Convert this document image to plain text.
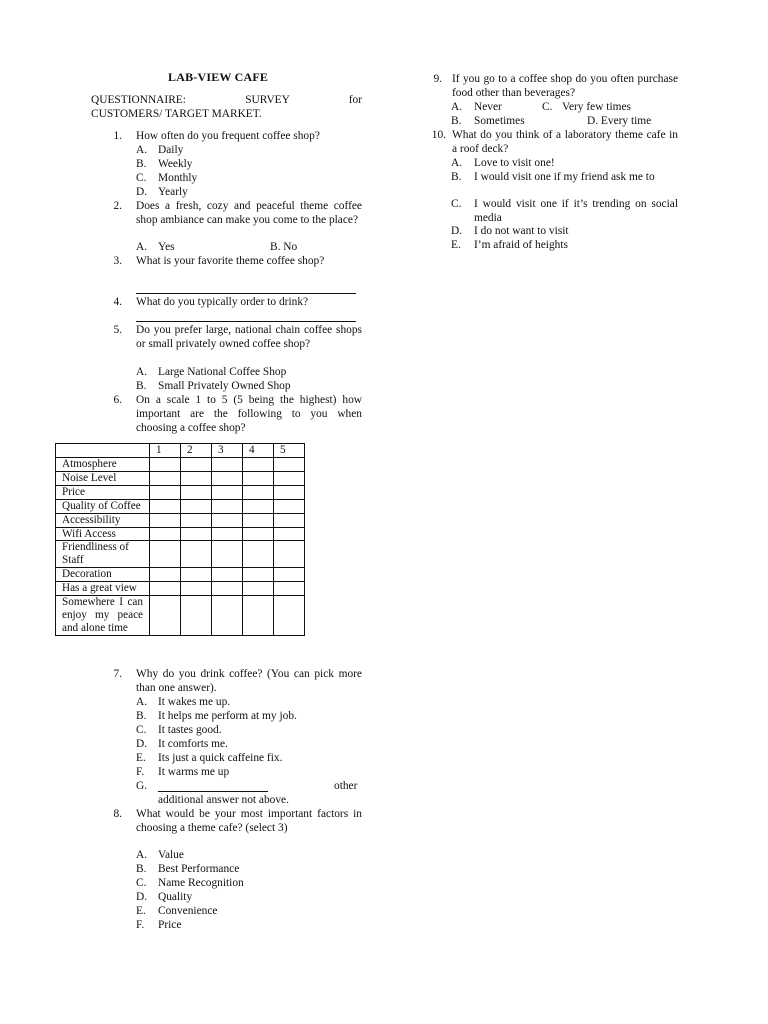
LAB-VIEW CAFE
QUESTIONNAIRE: SURVEY for
CUSTOMERS/ TARGET MARKET.
1. How often do you frequent coffee shop?
A. Daily
B. Weekly
C. Monthly
D. Yearly
2. Does a fresh, cozy and peaceful theme coffee shop ambiance can make you come to the place?
A. Yes	B. No
3. What is your favorite theme coffee shop?
4. What do you typically order to drink?
5. Do you prefer large, national chain coffee shops or small privately owned coffee shop?
A. Large National Coffee Shop
B. Small Privately Owned Shop
6. On a scale 1 to 5 (5 being the highest) how important are the following to you when choosing a coffee shop?
	1	2	3	4	5
Atmosphere					
Noise Level					
Price					
Quality of Coffee					
Accessibility					
Wifi Access					
Friendliness of Staff					
Decoration					
Has a great view					
Somewhere I can enjoy my peace and alone time					
7. Why do you drink coffee? (You can pick more than one answer).
A. It wakes me up.
B. It helps me perform at my job.
C. It tastes good.
D. It comforts me.
E. Its just a quick caffeine fix.
F. It warms me up
G.	other
additional answer not above.
8. What would be your most important factors in choosing a theme cafe? (select 3)
A. Value
B. Best Performance
C. Name Recognition
D. Quality
E. Convenience
F. Price
9. If you go to a coffee shop do you often purchase food other than beverages?
A. Never	C. Very few times
B. Sometimes	D. Every time
10. What do you think of a laboratory theme cafe in a roof deck?
A. Love to visit one!
B. I would visit one if my friend ask me to
C. I would visit one if it’s trending on social media
D. I do not want to visit
E. I’m afraid of heights
